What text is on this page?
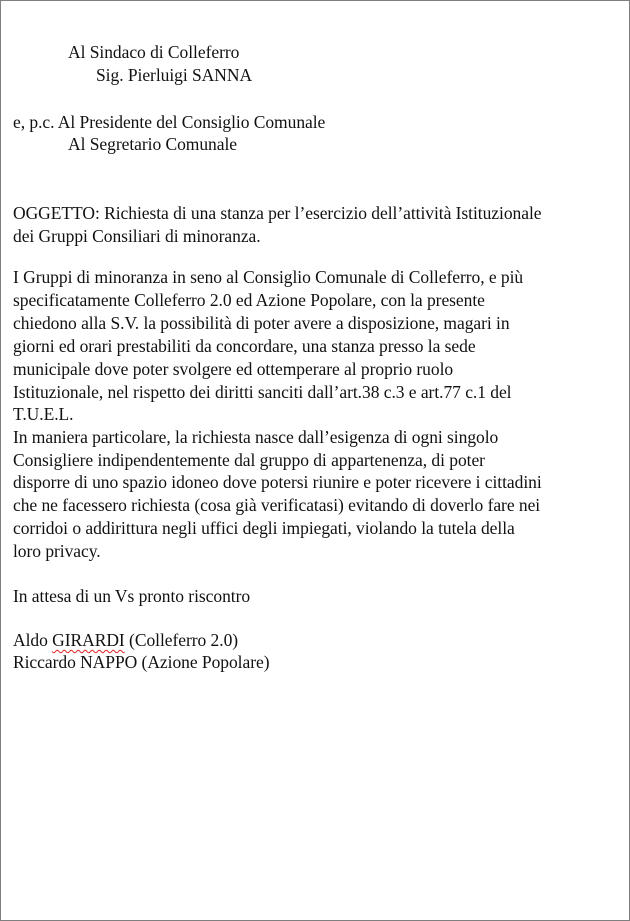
Al Sindaco di Colleferro
Sig. Pierluigi SANNA
e, p.c. Al Presidente del Consiglio Comunale
Al Segretario Comunale
OGGETTO: Richiesta di una stanza per l’esercizio dell’attività Istituzionale
dei Gruppi Consiliari di minoranza.
I Gruppi di minoranza in seno al Consiglio Comunale di Colleferro, e più
specificatamente Colleferro 2.0 ed Azione Popolare, con la presente
chiedono alla S.V. la possibilità di poter avere a disposizione, magari in
giorni ed orari prestabiliti da concordare, una stanza presso la sede
municipale dove poter svolgere ed ottemperare al proprio ruolo
Istituzionale, nel rispetto dei diritti sanciti dall’art.38 c.3 e art.77 c.1 del
T.U.E.L.
In maniera particolare, la richiesta nasce dall’esigenza di ogni singolo
Consigliere indipendentemente dal gruppo di appartenenza, di poter
disporre di uno spazio idoneo dove potersi riunire e poter ricevere i cittadini
che ne facessero richiesta (cosa già verificatasi) evitando di doverlo fare nei
corridoi o addirittura negli uffici degli impiegati, violando la tutela della
loro privacy.
In attesa di un Vs pronto riscontro
Aldo GIRARDI (Colleferro 2.0)
Riccardo NAPPO (Azione Popolare)
